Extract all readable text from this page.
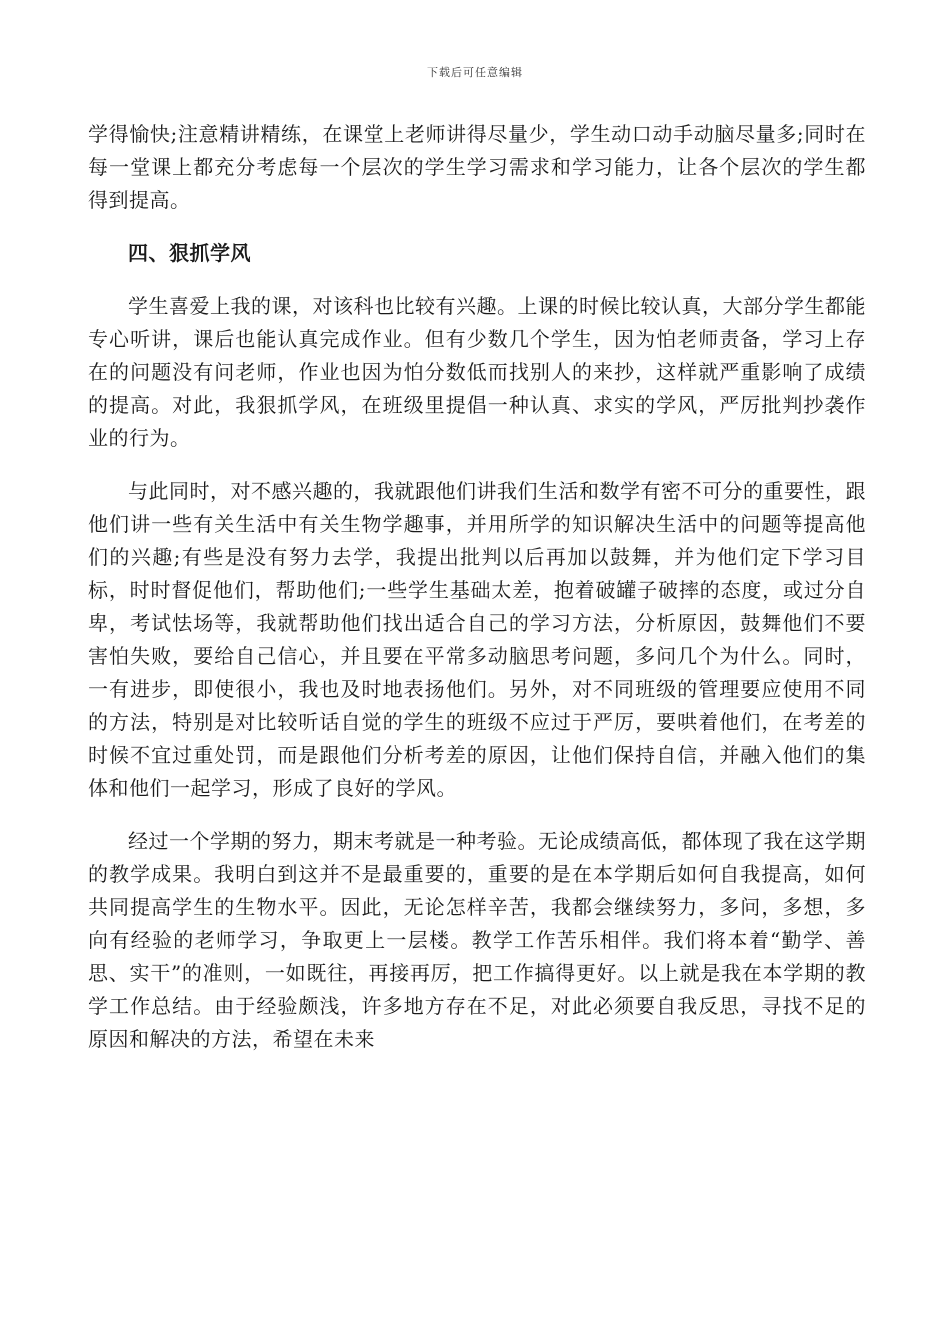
下载后可任意编辑

学得愉快;注意精讲精练，在课堂上老师讲得尽量少，学生动口动手动脑尽量多;同时在每一堂课上都充分考虑每一个层次的学生学习需求和学习能力，让各个层次的学生都得到提高。

四、狠抓学风

学生喜爱上我的课，对该科也比较有兴趣。上课的时候比较认真，大部分学生都能专心听讲，课后也能认真完成作业。但有少数几个学生，因为怕老师责备，学习上存在的问题没有问老师，作业也因为怕分数低而找别人的来抄，这样就严重影响了成绩的提高。对此，我狠抓学风，在班级里提倡一种认真、求实的学风，严厉批判抄袭作业的行为。

与此同时，对不感兴趣的，我就跟他们讲我们生活和数学有密不可分的重要性，跟他们讲一些有关生活中有关生物学趣事，并用所学的知识解决生活中的问题等提高他们的兴趣;有些是没有努力去学，我提出批判以后再加以鼓舞，并为他们定下学习目标，时时督促他们，帮助他们;一些学生基础太差，抱着破罐子破摔的态度，或过分自卑，考试怯场等，我就帮助他们找出适合自己的学习方法，分析原因，鼓舞他们不要害怕失败，要给自己信心，并且要在平常多动脑思考问题，多问几个为什么。同时，一有进步，即使很小，我也及时地表扬他们。另外，对不同班级的管理要应使用不同的方法，特别是对比较听话自觉的学生的班级不应过于严厉，要哄着他们，在考差的时候不宜过重处罚，而是跟他们分析考差的原因，让他们保持自信，并融入他们的集体和他们一起学习，形成了良好的学风。

经过一个学期的努力，期末考就是一种考验。无论成绩高低，都体现了我在这学期的教学成果。我明白到这并不是最重要的，重要的是在本学期后如何自我提高，如何共同提高学生的生物水平。因此，无论怎样辛苦，我都会继续努力，多问，多想，多向有经验的老师学习，争取更上一层楼。教学工作苦乐相伴。我们将本着“勤学、善思、实干”的准则，一如既往，再接再厉，把工作搞得更好。以上就是我在本学期的教学工作总结。由于经验颇浅，许多地方存在不足，对此必须要自我反思，寻找不足的原因和解决的方法，希望在未来
